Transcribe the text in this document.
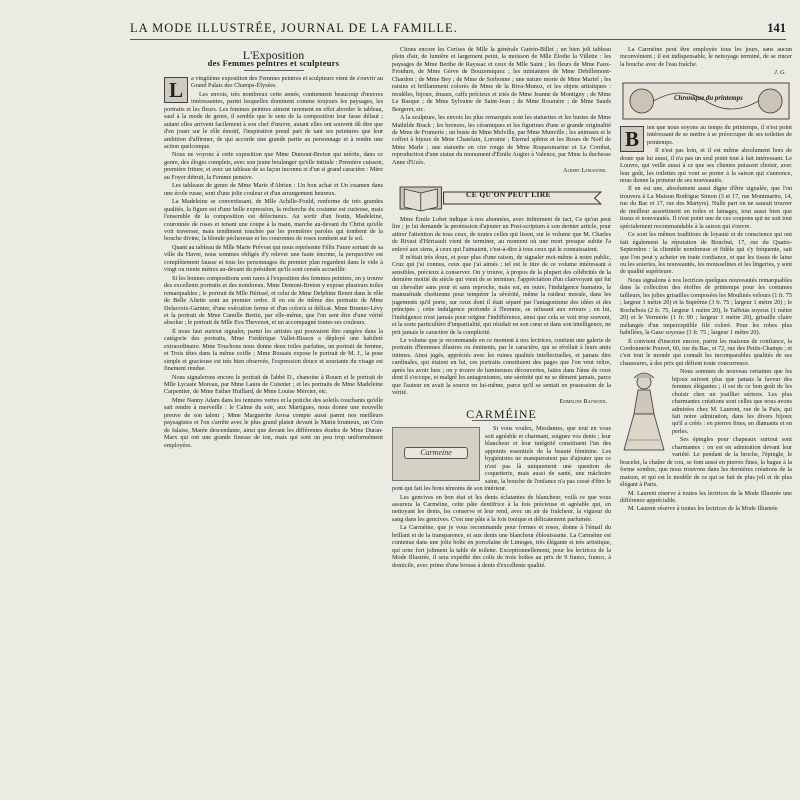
LA MODE ILLUSTRÉE, JOURNAL DE LA FAMILLE.	141
L'Exposition
des Femmes peintres et sculpteurs

L	a vingtième exposition des Femmes peintres et sculpteurs vient de s'ouvrir au Grand Palais des Champs-Élysées.

Les envois, très nombreux cette année, contiennent beaucoup d'œuvres intéressantes, parmi lesquelles dominent comme toujours les paysages, les portraits et les fleurs. Les femmes peintres aiment rarement en effet aborder le tableau, sauf à la mode de genre, il semble que le sens de la composition leur fasse défaut ; autant elles arrivent facilement à son chef d'œuvre, autant elles ont souvent dû dire que d'en jouer sur le rôle émotif, l'inspiration prend part de tant ses peintures que leur ambition d'affirmer, de qui accorde une grande partie au personnage et à rendre une action quelconque.

Nous ne voyons à cette exposition que Mme Dumont-Breton qui mérite, dans ce genre, des éloges complets, avec son jeune boulanger qu'elle intitule : Première cuisson, première friture, et avec un tableau de sa façon inconnu et d'un si grand caractère : Mère au Foyer détruit, la Femme pensive.

Les tableaux de genre de Mme Marie d'Abrien : Un bon achat et Un examen dans une école russe, sont d'une jolie couleur et d'un arrangement heureux.

La Madeleine se convertissant, de Mlle Achille-Fould, renferme de très grandes qualités, la figure est d'une belle expression, la recherche du costume est curieuse, mais l'ensemble de la composition est défectueux. Au sortir d'un festin, Madeleine, couronnée de roses et tenant une coupe à la main, marche au-devant du Christ qu'elle voit traverser, mais tendiment touchée par les premières paroles qui tombent de la bouche divine, la blonde pécheresse et les couronnes de roses tombent sur le sol.

Quant au tableau de Mlle Marie Prévost qui nous représente Félix Faure sortant de sa ville du Havre, nous sommes obligés d'y relever une faute énorme, la perspective est complètement fausse et tous les personnages du premier plan regardent dans le vide à vingt ou trente mètres au-devant du président qu'ils sont censés accueillir.

Si les bonnes compositions sont rares à l'exposition des femmes peintres, on y trouve des excellents portraits et des nombreux. Mme Demont-Breton y expose plusieurs toiles remarquables ; le portrait de Mlle Hérissé, et celui de Mme Delphine Renot dans le rôle de Belle Aliette sont au premier ordre. Il en est de même des portraits de Mme Delacroix-Garnier, d'une exécution ferme et d'un coloris si délicat. Mme Brunier-Lévy et la portrait de Mme Camille Bertin, par elle-même, que l'on sent être d'une vérité absolue ; le portrait de Mlle Eva Thevenot, et un accompagné toutes ses couleurs.

Il nous faut surtout signaler, parmi les artistes qui pouvaient être rangées dans la catégorie des portraits, Mme Frédérique Vallet-Bisson a déployé une habileté extraordinaire. Mme Touchous nous donne deux toiles parfaites, un portrait de femme, et Trois têtes dans la même coiffe ; Mme Rossais expose le portrait de M. J., la pose simple et gracieuse est très bien observée, l'expression douce et souriante du visage est finement rendue.

Nous signalerons encore le portrait de l'abbé D., chanoine à Rouen et le portrait de Mlle Lycaste Moreau, par Mme Laura de Cuisnier ; et les portraits de Mme Madeleine Carpentier, de Mme Esther Huillard, de Mme Louise Mercier, etc.

Mme Nanny Adam dans les tentures vertes et la potiche des soleils couchants qu'elle sait rendre à merveille : le Calme du soir, aux Martigues, nous donne une nouvelle preuve de son talent ; Mme Marguerite Arosa compte aussi parmi nos meilleurs paysagistes et l'on s'arrête avec le plus grand plaisir devant le Matin brumeux, un Coin de falaise, Marée descendante, ainsi que devant les différentes études de Mme Duran-Marx qui ont une grande finesse de ton, mais qui sont un peu trop uniformément employées.

Citons encore les Cerises de Mlle la générale Guérin-Billet ; un bien joli tableau plein d'air, de lumière et largement peint, la moisson de Mlle Élodie la Villette : les paysages de Mme Berthe de Rayssac et ceux de Mlle Saint ; les fleurs de Mme Faux-Froidure, de Mme Gérve de Bouzemiquez ; les miniatures de Mme Debillemont-Chardon ; de Mme Bey ; de Mme de Sorbonne ; une nature morte de Mme Martel ; les raisins et brillamment colorés de Mme de la Riva-Munoz, et les objets artistiques : modèles, bijoux, émaux, caffs précieux et triés de Mme Jeanne de Montigny ; de Mme Le Basque ; de Mme Sylvaine de Saint-Jean ; de Mme Roumère ; de Mme Sauds Bergeret, etc.

A la sculpture, les envois les plus remarqués sont les statuettes et les bustes de Mme Mathilde Brack ; les bronzes, les céramiques et les figurines d'une si grande originalité de Mme de Frumerie ; un buste de Mme Melville, par Mme Munville ; les animaux et le coffret à bijoux de Mme Chatelain, Lorraine ; Éternel sphinx et les Roses de Noël de Mme Marle ; une statuette en cire rouge de Mme Roquesmarine et Le Combat, reproduction d'une statue du monument d'Émile Augier à Valence, par Mme la duchesse Anne d'Uzès.

Albert Lemaistre.
CE QU'ON PEUT LIRE

Mme Émile Lobet indique à nos abonnées, avec infiniment de tact, Ce qu'on peut lire ; je lui demande la permission d'ajouter un Post-scriptum à son dernier article, pour attirer l'attention de tous ceux, de toutes celles qui lisent, sur le volume que M. Charles de Rivast d'Hérisault vient de terminer, au moment où une mort presque subite l'a enlevé aux siens, à ceux qui l'aimaient, c'est-à-dire à tous ceux qui le connaissaient.

Il m'était très doux, et pour plus d'une raison, de signaler moi-même à notre public, Cruz qui j'ai connus, ceux que j'ai aimés ; tel est le titre de ce volume intéressant à sensibles, précieux à conserver. On y trouve, à propos de la plupart des célébrités de la dernière moitié du siècle qui vient de se terminer, l'appréciation d'un clairvoyant qui fut un chevalier sans peur et sans reproche, mais est, en outre, l'indulgence humaine, la mansuétude chrétienne pour tempérer la sévérité, même la raideur morale, dans les jugements qu'il porte, sur ceux dont il était séparé par l'antagonisme des idées et des principes ; cette indulgence profonde à l'homme, se refusant aux erreurs ; en lui, l'indulgence n'est jamais pour origine l'indifférence, ainsi que cela se voit trop souvent, et la sorte particulière d'impartialité, qui résidait en son cœur et dans son intelligence, ne prit jamais le caractère de la complicité.

Le volume que je recommande en ce moment à nos lectrices, contient une galerie de portraits d'hommes illustres ou éminents, par le caractère, qui se révèlait à leurs amis intimes. Ainsi jugés, appréciés avec les ruines qualités intellectuelles, et jamais dire cardinales, qui étaient en lui, ces portraits constituent des pages que l'on veut relire, après les avoir lues ; on y trouve de lumineuses découvertes, faites dans l'âme de ceux dont il s'occupe, et malgré les antagonismes, une sérénité qui ne se dément jamais, parce que l'auteur en avait la source en lui-même, parce qu'il se sentait en possession de la vérité.

Emmeline Raymond.
CARMÉINE
Carmeine

Si vous voulez, Mesdames, que tout en vous soit agréable et charmant, soignez vos dents ; leur blancheur et leur intégrité constituent l'un des appoints essentiels de la beauté féminine. Les hygiénistes ne manqueraient pas d'ajouter que ce n'est pas là uniquement une question de coquetterie, mais aussi de santé, une mâchoire saine, la bouche de l'enfance n'a pas cessé d'être le pont qui fait les bons témoins de son intérieur.

Les gencives en bon état et les dents éclatantes de blancheur, voilà ce que vous assurera la Carméine, cette pâte dentifrice à la fois précieuse et agréable qui, en nettoyant les dents, les conserve et leur rend, avec un air de fraîcheur, la vigueur du sang dans les gencives. C'est une pâte à la fois tonique et délicatement parfumée.

La Carméine, que je vous recommande pour formes et roses, donne à l'émail du brillant et de la transparence, et aux dents une blancheur éblouissante. La Carméine est contenue dans une jolie boîte en porcelaine de Limoges, très élégante et très artistique, qui orne fort joliment la table de toilette. Exceptionnellement, pour les lectrices de la Mode Illustrée, il sera expédié des colis de trois boîtes au prix de 9 francs, franco, à domicile, avec prime d'une brosse à dents d'excellente qualité.

La Carméine peut être employée tous les jours, sans aucun inconvénient ; il est indispensable, le nettoyage terminé, de se rincer la bouche avec de l'eau fraîche.

J. G.
Chronique du printemps

B	ien que nous soyons au temps du printemps, il n'est point intéressant de se mettre à se préoccuper de ses toilettes de printemps.

Il n'est pas loin, et il est même absolument hors de doute que lui aussi, il n'a pas un seul point tout à fait intéressant. Le Louvre, qui veille aussi à ce que ses clientes puissent choisir, avec leur goût, les toilettes qui vont se porter à la saison qui s'annonce, nous donne la primeur de ses nouveautés.

Il en est une, absolument aussi digne d'être signalée, que l'on trouvera à La Maison Rodrigue Simon (3 et 17, rue Montmartre, 14, rue du Bac et 17, rue des Martyrs). Nulle part on ne saurait trouver de meilleur assortiment en toiles et lainages, tout aussi bien que tissus et nouveautés. Il n'est point une de ces coupons qui ne soit tout spécialement recommandable à la saison qui s'ouvre.

Ce sont les mêmes traditions de loyauté et de conscience qui ont fait également la réputation de Bouchut, 17, rue du Quatre-Septembre : la clientèle nombreuse et fidèle qui s'y fréquente, sait que l'on peut y acheter en toute confiance, et que les tissus de laine ou les soieries, les nouveautés, les mousselines et les lingeries, y sont de qualité supérieure.

Nous signalons à nos lectrices quelques nouveautés remarquables dans la collection des étoffes de printemps pour les costumes tailleurs, les jolies grisailles composées les Moulinés velours (1 fr. 75 ; largeur 1 mètre 20) et la Suprême (3 fr. 75 ; largeur 1 mètre 20) ; le Rochebois (2 fr. 75, largeur 1 mètre 20), le Taffetas soyeux (1 mètre 20) et le Vermerie (1 fr. 90 ; largeur 1 mètre 20), grisaille claire mélangée d'un imperceptible filé coloré. Pour les robes plus habillées, la Gaze soyeuse (3 fr. 75 ; largeur 1 mètre 20).

Il convient d'inscrire encore, parmi les maisons de confiance, la Cordonnerie Pouvet, 60, rue du Bac, et 72, rue des Petits-Champs ; et c'est tout le monde qui connaît les incomparables qualités de ses chaussures, à des prix qui défient toute concurrence.

Nous sommes de nouveau certaines que les bijoux suivent plus que jamais la faveur des femmes élégantes ; il est de ce bon goût de les choisir chez un joaillier sérieux. Les plus charmantes créations sont celles que nous avons admirées chez M. Laurent, rue de la Paix, qui fait notre admiration, dans les divers bijoux qu'il a créés : en pierres fines, en diamants et en perles.

Ses épingles pour chapeaux surtout sont charmantes : on est en admiration devant leur variété. Le pendant de la broche, l'épingle, le bracelet, la chaîne de cou, se font aussi en pierres fines, la bague à la forme sombre, que nous trouvons dans les dernières créations de la maison, et qui est le modèle de ce qui se fait de plus joli et de plus élégant à Paris.

M. Laurent réserve à toutes les lectrices de la Mode Illustrée une différence appréciable.

M. Laurent réserve à toutes les lectrices de la Mode Illustrée
